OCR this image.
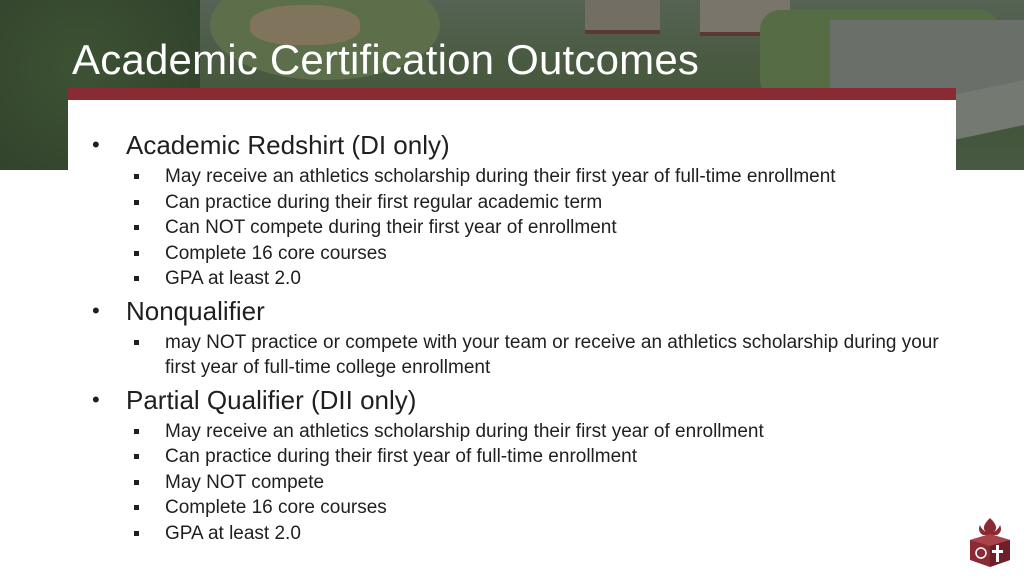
Academic Certification Outcomes
• Academic Redshirt (DI only)
May receive an athletics scholarship during their first year of full-time enrollment
Can practice during their first regular academic term
Can NOT compete during their first year of enrollment
Complete 16 core courses
GPA at least 2.0
• Nonqualifier
may NOT practice or compete with your team or receive an athletics scholarship during your first year of full-time college enrollment
• Partial Qualifier (DII only)
May receive an athletics scholarship during their first year of enrollment
Can practice during their first year of full-time enrollment
May NOT compete
Complete 16 core courses
GPA at least 2.0
